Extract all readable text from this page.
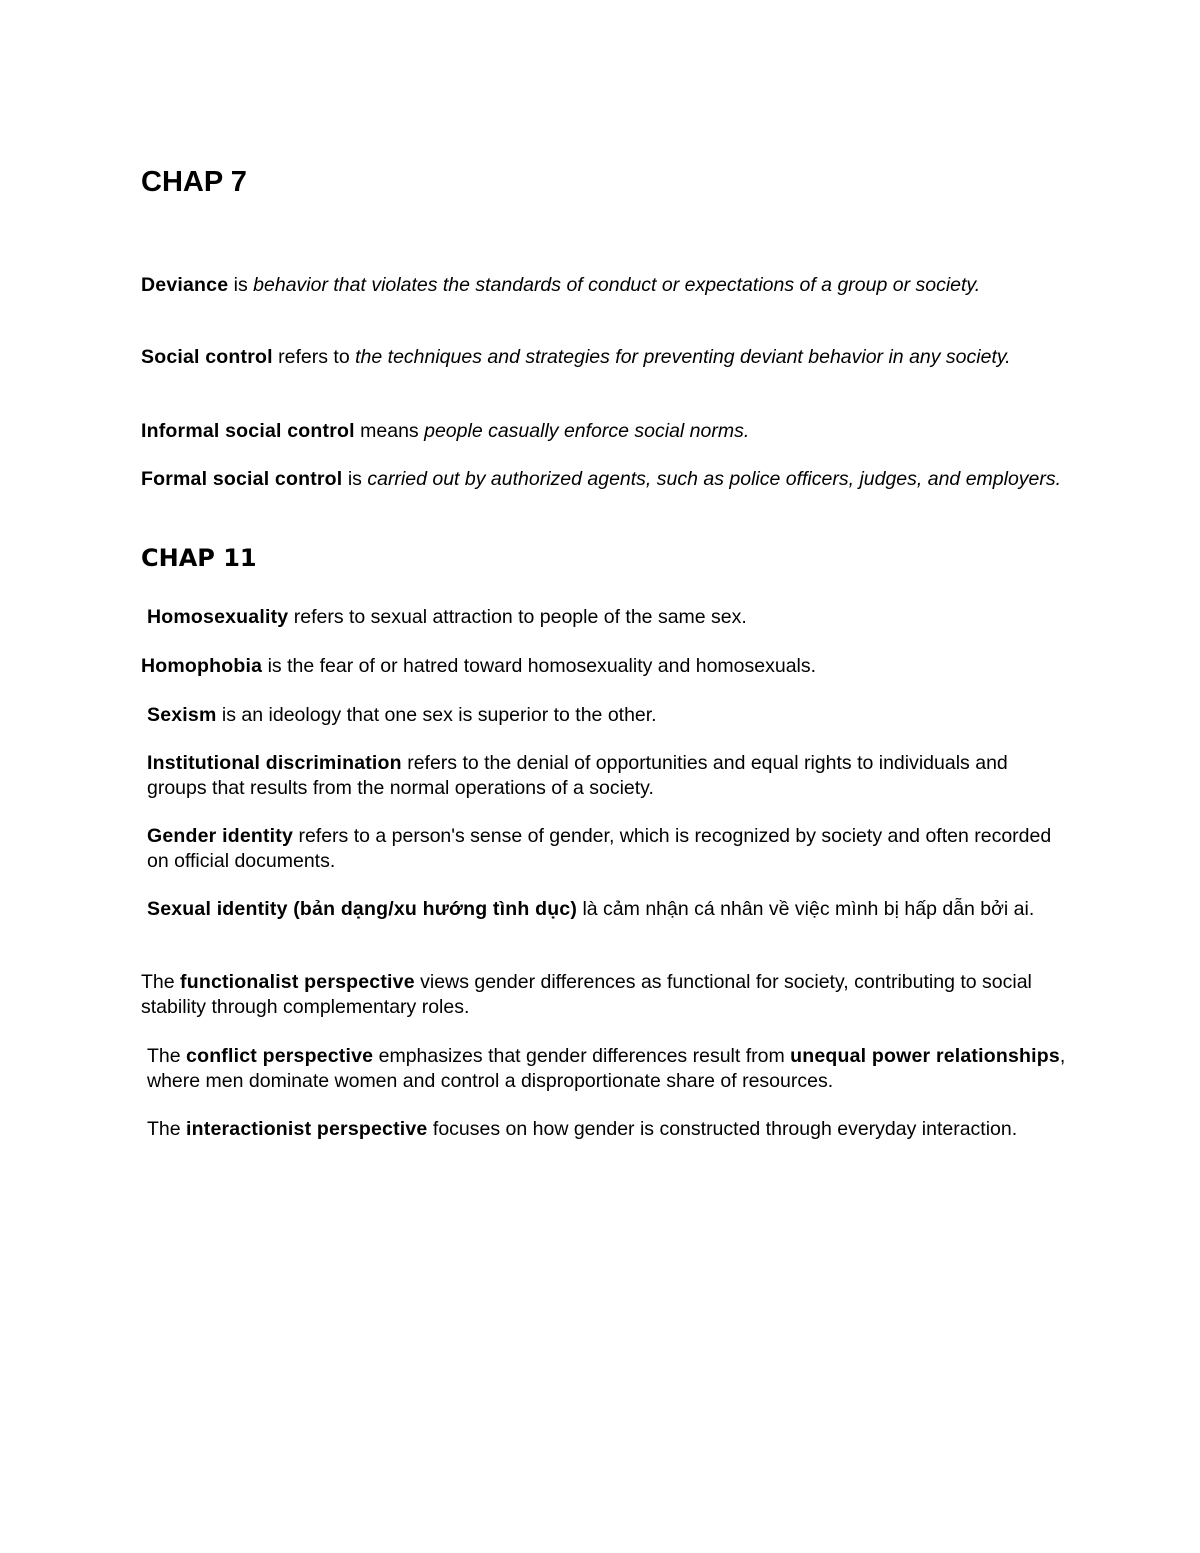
CHAP 7

Deviance is behavior that violates the standards of conduct or expectations of a group or society.

Social control refers to the techniques and strategies for preventing deviant behavior in any society.

Informal social control means people casually enforce social norms.

Formal social control is carried out by authorized agents, such as police officers, judges, and employers.

CHAP 11

Homosexuality refers to sexual attraction to people of the same sex.

Homophobia is the fear of or hatred toward homosexuality and homosexuals.

Sexism is an ideology that one sex is superior to the other.

Institutional discrimination refers to the denial of opportunities and equal rights to individuals and groups that results from the normal operations of a society.

Gender identity refers to a person's sense of gender, which is recognized by society and often recorded on official documents.

Sexual identity (bản dạng/xu hướng tình dục) là cảm nhận cá nhân về việc mình bị hấp dẫn bởi ai.

The functionalist perspective views gender differences as functional for society, contributing to social stability through complementary roles.

The conflict perspective emphasizes that gender differences result from unequal power relationships, where men dominate women and control a disproportionate share of resources.

The interactionist perspective focuses on how gender is constructed through everyday interaction.
